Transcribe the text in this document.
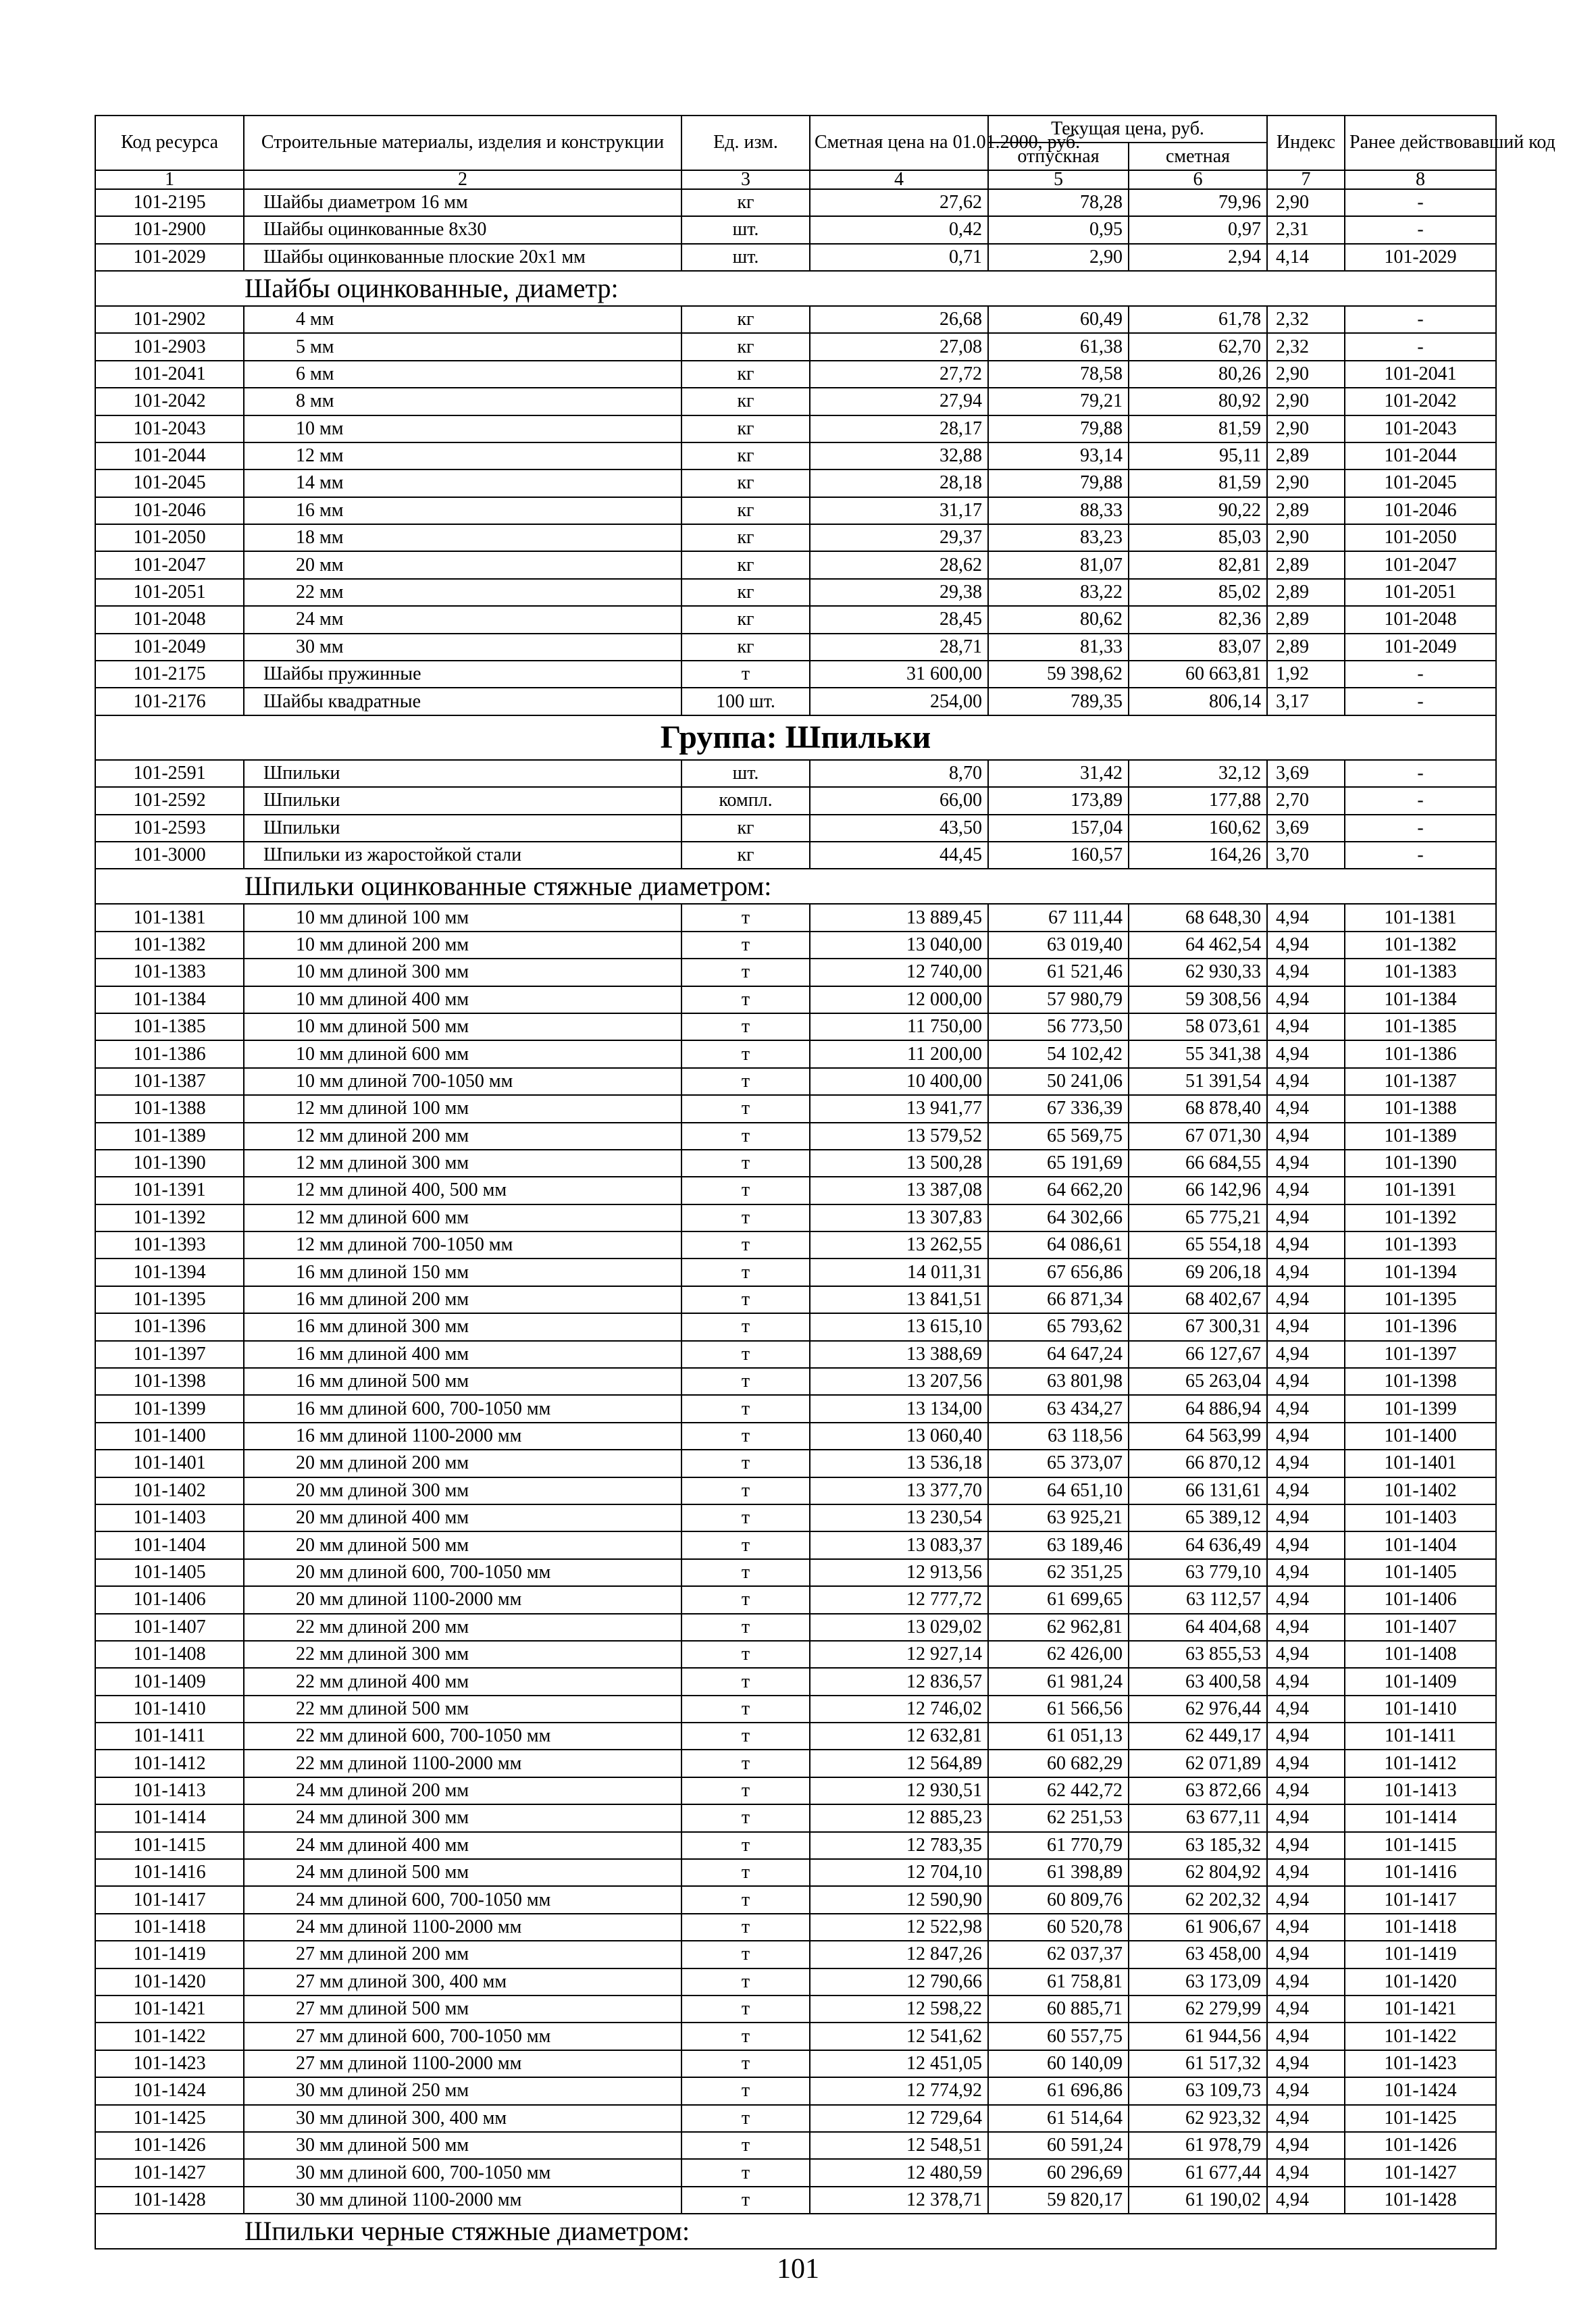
Код ресурса	Строительные материалы, изделия и конструкции	Ед. изм.	Сметная цена на 01.01.2000, руб.	Текущая цена, руб.		Индекс	Ранее действовавший код
				отпускная	сметная		
1	2	3	4	5	6	7	8
101-2195	Шайбы диаметром 16 мм	кг	27,62	78,28	79,96	2,90	-
101-2900	Шайбы оцинкованные 8х30	шт.	0,42	0,95	0,97	2,31	-
101-2029	Шайбы оцинкованные плоские 20х1 мм	шт.	0,71	2,90	2,94	4,14	101-2029
Шайбы оцинкованные, диаметр:							
101-2902	4 мм	кг	26,68	60,49	61,78	2,32	-
101-2903	5 мм	кг	27,08	61,38	62,70	2,32	-
101-2041	6 мм	кг	27,72	78,58	80,26	2,90	101-2041
101-2042	8 мм	кг	27,94	79,21	80,92	2,90	101-2042
101-2043	10 мм	кг	28,17	79,88	81,59	2,90	101-2043
101-2044	12 мм	кг	32,88	93,14	95,11	2,89	101-2044
101-2045	14 мм	кг	28,18	79,88	81,59	2,90	101-2045
101-2046	16 мм	кг	31,17	88,33	90,22	2,89	101-2046
101-2050	18 мм	кг	29,37	83,23	85,03	2,90	101-2050
101-2047	20 мм	кг	28,62	81,07	82,81	2,89	101-2047
101-2051	22 мм	кг	29,38	83,22	85,02	2,89	101-2051
101-2048	24 мм	кг	28,45	80,62	82,36	2,89	101-2048
101-2049	30 мм	кг	28,71	81,33	83,07	2,89	101-2049
101-2175	Шайбы пружинные	т	31 600,00	59 398,62	60 663,81	1,92	-
101-2176	Шайбы квадратные	100 шт.	254,00	789,35	806,14	3,17	-
Группа: Шпильки							
101-2591	Шпильки	шт.	8,70	31,42	32,12	3,69	-
101-2592	Шпильки	компл.	66,00	173,89	177,88	2,70	-
101-2593	Шпильки	кг	43,50	157,04	160,62	3,69	-
101-3000	Шпильки из жаростойкой стали	кг	44,45	160,57	164,26	3,70	-
Шпильки оцинкованные стяжные диаметром:							
101-1381	10 мм длиной 100 мм	т	13 889,45	67 111,44	68 648,30	4,94	101-1381
101-1382	10 мм длиной 200 мм	т	13 040,00	63 019,40	64 462,54	4,94	101-1382
101-1383	10 мм длиной 300 мм	т	12 740,00	61 521,46	62 930,33	4,94	101-1383
101-1384	10 мм длиной 400 мм	т	12 000,00	57 980,79	59 308,56	4,94	101-1384
101-1385	10 мм длиной 500 мм	т	11 750,00	56 773,50	58 073,61	4,94	101-1385
101-1386	10 мм длиной 600 мм	т	11 200,00	54 102,42	55 341,38	4,94	101-1386
101-1387	10 мм длиной 700-1050 мм	т	10 400,00	50 241,06	51 391,54	4,94	101-1387
101-1388	12 мм длиной 100 мм	т	13 941,77	67 336,39	68 878,40	4,94	101-1388
101-1389	12 мм длиной 200 мм	т	13 579,52	65 569,75	67 071,30	4,94	101-1389
101-1390	12 мм длиной 300 мм	т	13 500,28	65 191,69	66 684,55	4,94	101-1390
101-1391	12 мм длиной 400, 500 мм	т	13 387,08	64 662,20	66 142,96	4,94	101-1391
101-1392	12 мм длиной 600 мм	т	13 307,83	64 302,66	65 775,21	4,94	101-1392
101-1393	12 мм длиной 700-1050 мм	т	13 262,55	64 086,61	65 554,18	4,94	101-1393
101-1394	16 мм длиной 150 мм	т	14 011,31	67 656,86	69 206,18	4,94	101-1394
101-1395	16 мм длиной 200 мм	т	13 841,51	66 871,34	68 402,67	4,94	101-1395
101-1396	16 мм длиной 300 мм	т	13 615,10	65 793,62	67 300,31	4,94	101-1396
101-1397	16 мм длиной 400 мм	т	13 388,69	64 647,24	66 127,67	4,94	101-1397
101-1398	16 мм длиной 500 мм	т	13 207,56	63 801,98	65 263,04	4,94	101-1398
101-1399	16 мм длиной 600, 700-1050 мм	т	13 134,00	63 434,27	64 886,94	4,94	101-1399
101-1400	16 мм длиной 1100-2000 мм	т	13 060,40	63 118,56	64 563,99	4,94	101-1400
101-1401	20 мм длиной 200 мм	т	13 536,18	65 373,07	66 870,12	4,94	101-1401
101-1402	20 мм длиной 300 мм	т	13 377,70	64 651,10	66 131,61	4,94	101-1402
101-1403	20 мм длиной 400 мм	т	13 230,54	63 925,21	65 389,12	4,94	101-1403
101-1404	20 мм длиной 500 мм	т	13 083,37	63 189,46	64 636,49	4,94	101-1404
101-1405	20 мм длиной 600, 700-1050 мм	т	12 913,56	62 351,25	63 779,10	4,94	101-1405
101-1406	20 мм длиной 1100-2000 мм	т	12 777,72	61 699,65	63 112,57	4,94	101-1406
101-1407	22 мм длиной 200 мм	т	13 029,02	62 962,81	64 404,68	4,94	101-1407
101-1408	22 мм длиной 300 мм	т	12 927,14	62 426,00	63 855,53	4,94	101-1408
101-1409	22 мм длиной 400 мм	т	12 836,57	61 981,24	63 400,58	4,94	101-1409
101-1410	22 мм длиной 500 мм	т	12 746,02	61 566,56	62 976,44	4,94	101-1410
101-1411	22 мм длиной 600, 700-1050 мм	т	12 632,81	61 051,13	62 449,17	4,94	101-1411
101-1412	22 мм длиной 1100-2000 мм	т	12 564,89	60 682,29	62 071,89	4,94	101-1412
101-1413	24 мм длиной 200 мм	т	12 930,51	62 442,72	63 872,66	4,94	101-1413
101-1414	24 мм длиной 300 мм	т	12 885,23	62 251,53	63 677,11	4,94	101-1414
101-1415	24 мм длиной 400 мм	т	12 783,35	61 770,79	63 185,32	4,94	101-1415
101-1416	24 мм длиной 500 мм	т	12 704,10	61 398,89	62 804,92	4,94	101-1416
101-1417	24 мм длиной 600, 700-1050 мм	т	12 590,90	60 809,76	62 202,32	4,94	101-1417
101-1418	24 мм длиной 1100-2000 мм	т	12 522,98	60 520,78	61 906,67	4,94	101-1418
101-1419	27 мм длиной 200 мм	т	12 847,26	62 037,37	63 458,00	4,94	101-1419
101-1420	27 мм длиной 300, 400 мм	т	12 790,66	61 758,81	63 173,09	4,94	101-1420
101-1421	27 мм длиной 500 мм	т	12 598,22	60 885,71	62 279,99	4,94	101-1421
101-1422	27 мм длиной 600, 700-1050 мм	т	12 541,62	60 557,75	61 944,56	4,94	101-1422
101-1423	27 мм длиной 1100-2000 мм	т	12 451,05	60 140,09	61 517,32	4,94	101-1423
101-1424	30 мм длиной 250 мм	т	12 774,92	61 696,86	63 109,73	4,94	101-1424
101-1425	30 мм длиной 300, 400 мм	т	12 729,64	61 514,64	62 923,32	4,94	101-1425
101-1426	30 мм длиной 500 мм	т	12 548,51	60 591,24	61 978,79	4,94	101-1426
101-1427	30 мм длиной 600, 700-1050 мм	т	12 480,59	60 296,69	61 677,44	4,94	101-1427
101-1428	30 мм длиной 1100-2000 мм	т	12 378,71	59 820,17	61 190,02	4,94	101-1428
Шпильки черные стяжные диаметром:							
101
